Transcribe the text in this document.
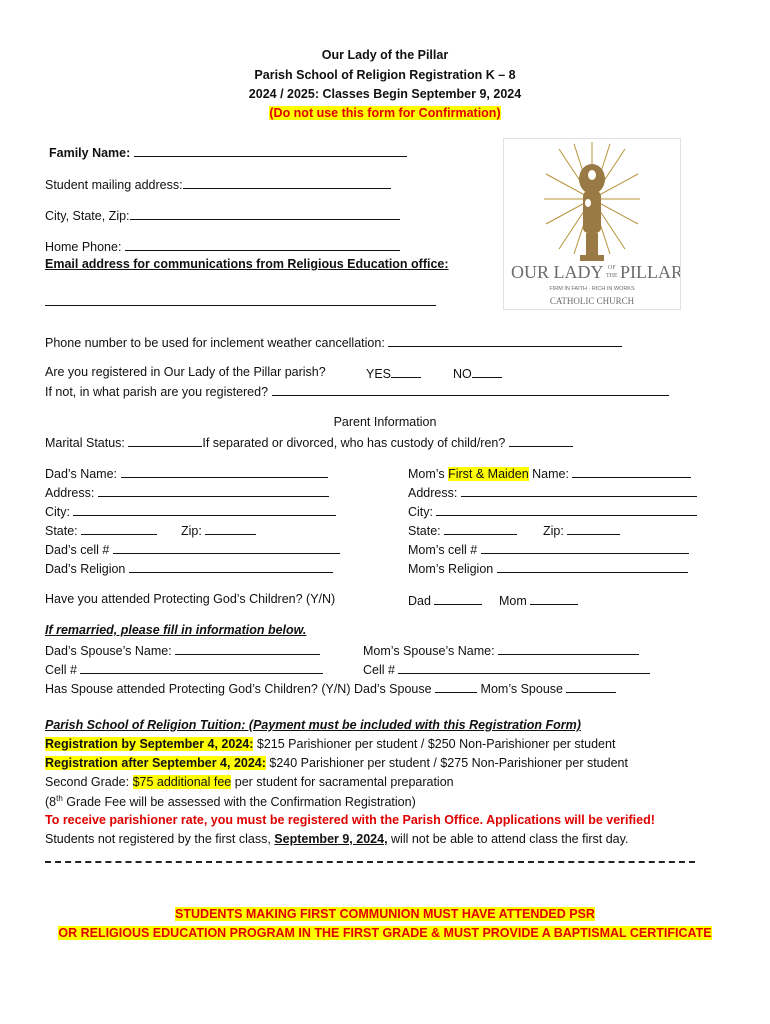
Our Lady of the Pillar
Parish School of Religion Registration K – 8
2024 / 2025: Classes Begin September 9, 2024
(Do not use this form for Confirmation)
OUR LADY OF
THE PILLAR
FIRM IN FAITH · RICH IN WORKS
CATHOLIC CHURCH
Family Name:
Student mailing address:
City, State, Zip:
Home Phone:
Email address for communications from Religious Education office:
Phone number to be used for inclement weather cancellation:
Are you registered in Our Lady of the Pillar parish?	YES	NO
If not, in what parish are you registered?
Parent Information
Marital Status:	If separated or divorced, who has custody of child/ren?
Dad’s Name:
Address:
City:
State:	Zip:
Dad’s cell #
Dad’s Religion
Mom’s First & Maiden Name:
Address:
City:
State:	Zip:
Mom’s cell #
Mom’s Religion
Have you attended Protecting God’s Children? (Y/N)	Dad	Mom
If remarried, please fill in information below.
Dad’s Spouse’s Name:	Mom’s Spouse’s Name:
Cell #	Cell #
Has Spouse attended Protecting God’s Children? (Y/N) Dad’s Spouse	Mom’s Spouse
Parish School of Religion Tuition: (Payment must be included with this Registration Form)
Registration by September 4, 2024: $215 Parishioner per student / $250 Non-Parishioner per student
Registration after September 4, 2024: $240 Parishioner per student / $275 Non-Parishioner per student
Second Grade: $75 additional fee per student for sacramental preparation
(8th Grade Fee will be assessed with the Confirmation Registration)
To receive parishioner rate, you must be registered with the Parish Office. Applications will be verified!
Students not registered by the first class, September 9, 2024, will not be able to attend class the first day.
STUDENTS MAKING FIRST COMMUNION MUST HAVE ATTENDED PSR
OR RELIGIOUS EDUCATION PROGRAM IN THE FIRST GRADE & MUST PROVIDE A BAPTISMAL CERTIFICATE
